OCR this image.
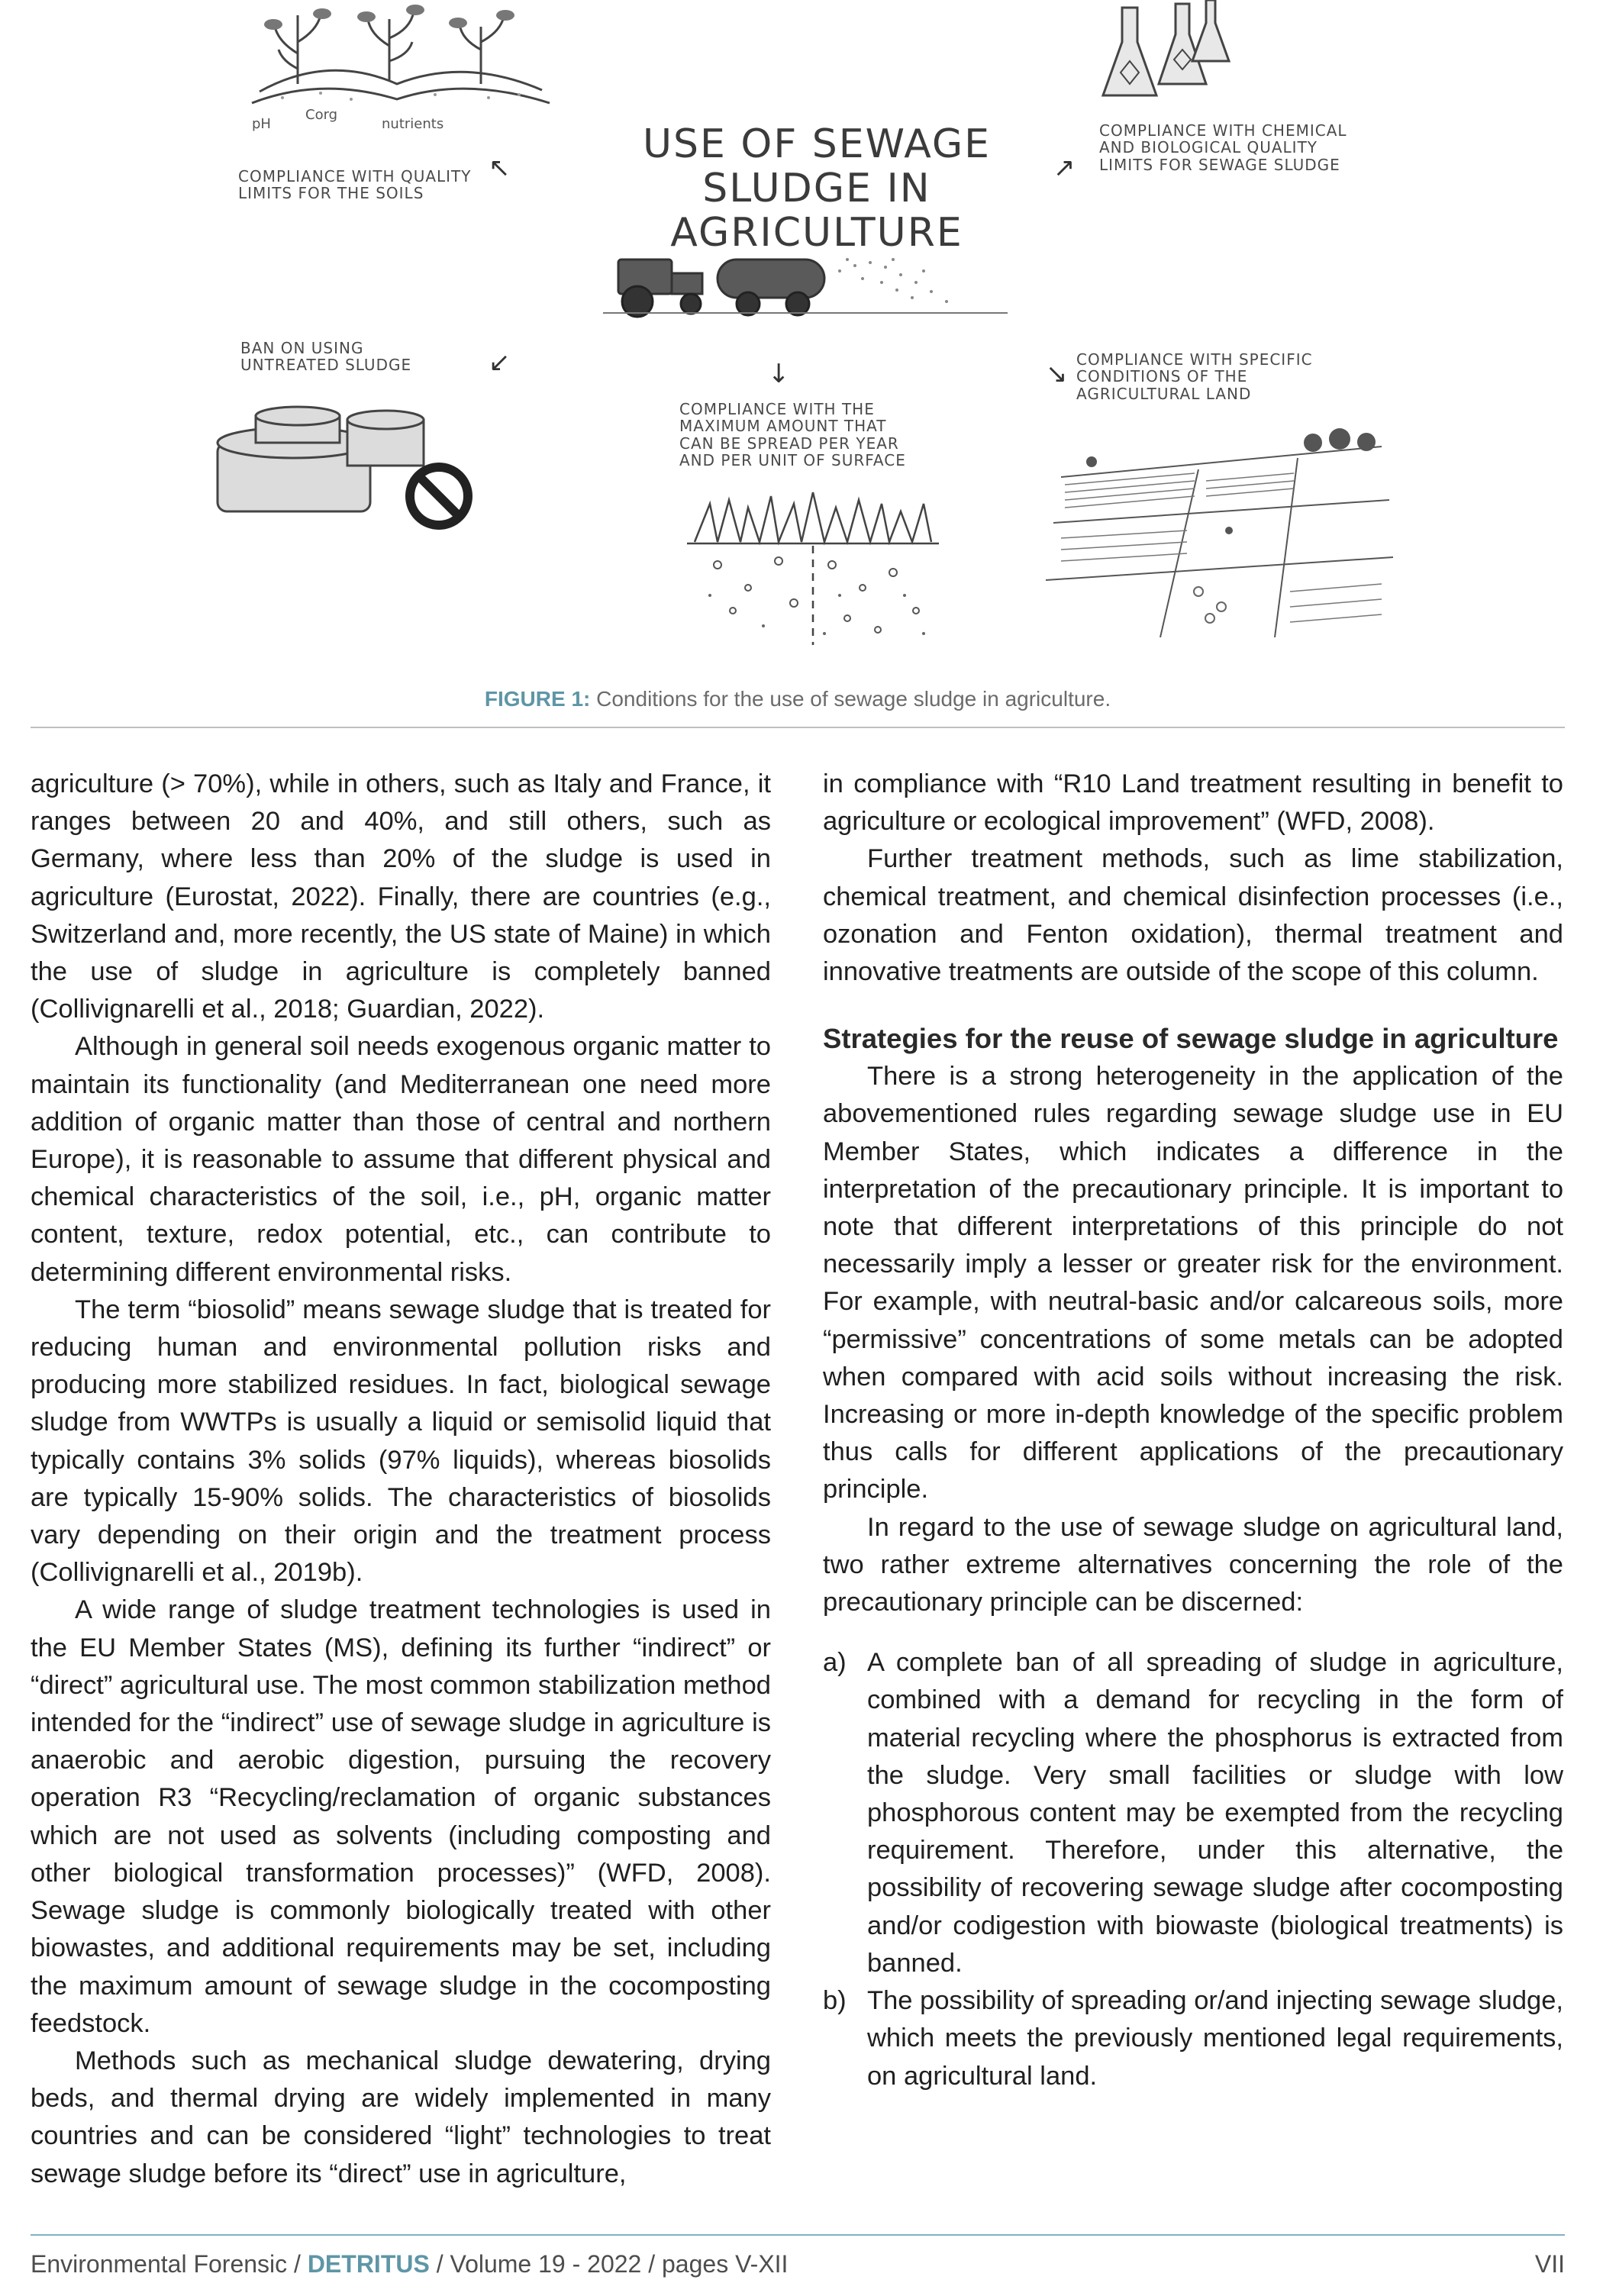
pH
Corg
nutrients
COMPLIANCE WITH QUALITY
LIMITS FOR THE SOILS
↖
USE OF SEWAGE
SLUDGE IN AGRICULTURE
↗
COMPLIANCE WITH CHEMICAL
AND BIOLOGICAL QUALITY
LIMITS FOR SEWAGE SLUDGE
BAN ON USING
UNTREATED SLUDGE	↙	↓
COMPLIANCE WITH THE
MAXIMUM AMOUNT THAT
CAN BE SPREAD PER YEAR
AND PER UNIT OF SURFACE
↘ COMPLIANCE WITH SPECIFIC
CONDITIONS OF THE
AGRICULTURAL LAND
FIGURE 1: Conditions for the use of sewage sludge in agriculture.

agriculture (> 70%), while in others, such as Italy and France, it ranges between 20 and 40%, and still others, such as Germany, where less than 20% of the sludge is used in agriculture (Eurostat, 2022). Finally, there are countries (e.g., Switzerland and, more recently, the US state of Maine) in which the use of sludge in agriculture is completely banned (Collivignarelli et al., 2018; Guardian, 2022).

Although in general soil needs exogenous organic matter to maintain its functionality (and Mediterranean one need more addition of organic matter than those of central and northern Europe), it is reasonable to assume that different physical and chemical characteristics of the soil, i.e., pH, organic matter content, texture, redox potential, etc., can contribute to determining different environmental risks.

The term “biosolid” means sewage sludge that is treated for reducing human and environmental pollution risks and producing more stabilized residues. In fact, biological sewage sludge from WWTPs is usually a liquid or semisolid liquid that typically contains 3% solids (97% liquids), whereas biosolids are typically 15-90% solids. The characteristics of biosolids vary depending on their origin and the treatment process (Collivignarelli et al., 2019b).

A wide range of sludge treatment technologies is used in the EU Member States (MS), defining its further “indirect” or “direct” agricultural use. The most common stabilization method intended for the “indirect” use of sewage sludge in agriculture is anaerobic and aerobic digestion, pursuing the recovery operation R3 “Recycling/reclamation of organic substances which are not used as solvents (including composting and other biological transformation processes)” (WFD, 2008). Sewage sludge is commonly biologically treated with other biowastes, and additional requirements may be set, including the maximum amount of sewage sludge in the cocomposting feedstock.

Methods such as mechanical sludge dewatering, drying beds, and thermal drying are widely implemented in many countries and can be considered “light” technologies to treat sewage sludge before its “direct” use in agriculture,

in compliance with “R10 Land treatment resulting in benefit to agriculture or ecological improvement” (WFD, 2008).

Further treatment methods, such as lime stabilization, chemical treatment, and chemical disinfection processes (i.e., ozonation and Fenton oxidation), thermal treatment and innovative treatments are outside of the scope of this column.

Strategies for the reuse of sewage sludge in agriculture

There is a strong heterogeneity in the application of the abovementioned rules regarding sewage sludge use in EU Member States, which indicates a difference in the interpretation of the precautionary principle. It is important to note that different interpretations of this principle do not necessarily imply a lesser or greater risk for the environment. For example, with neutral-basic and/or calcareous soils, more “permissive” concentrations of some metals can be adopted when compared with acid soils without increasing the risk. Increasing or more in-depth knowledge of the specific problem thus calls for different applications of the precautionary principle.

In regard to the use of sewage sludge on agricultural land, two rather extreme alternatives concerning the role of the precautionary principle can be discerned:

a) A complete ban of all spreading of sludge in agriculture, combined with a demand for recycling in the form of material recycling where the phosphorus is extracted from the sludge. Very small facilities or sludge with low phosphorous content may be exempted from the recycling requirement. Therefore, under this alternative, the possibility of recovering sewage sludge after cocomposting and/or codigestion with biowaste (biological treatments) is banned.
b) The possibility of spreading or/and injecting sewage sludge, which meets the previously mentioned legal requirements, on agricultural land.
Environmental Forensic / DETRITUS / Volume 19 - 2022 / pages V-XII	VII
